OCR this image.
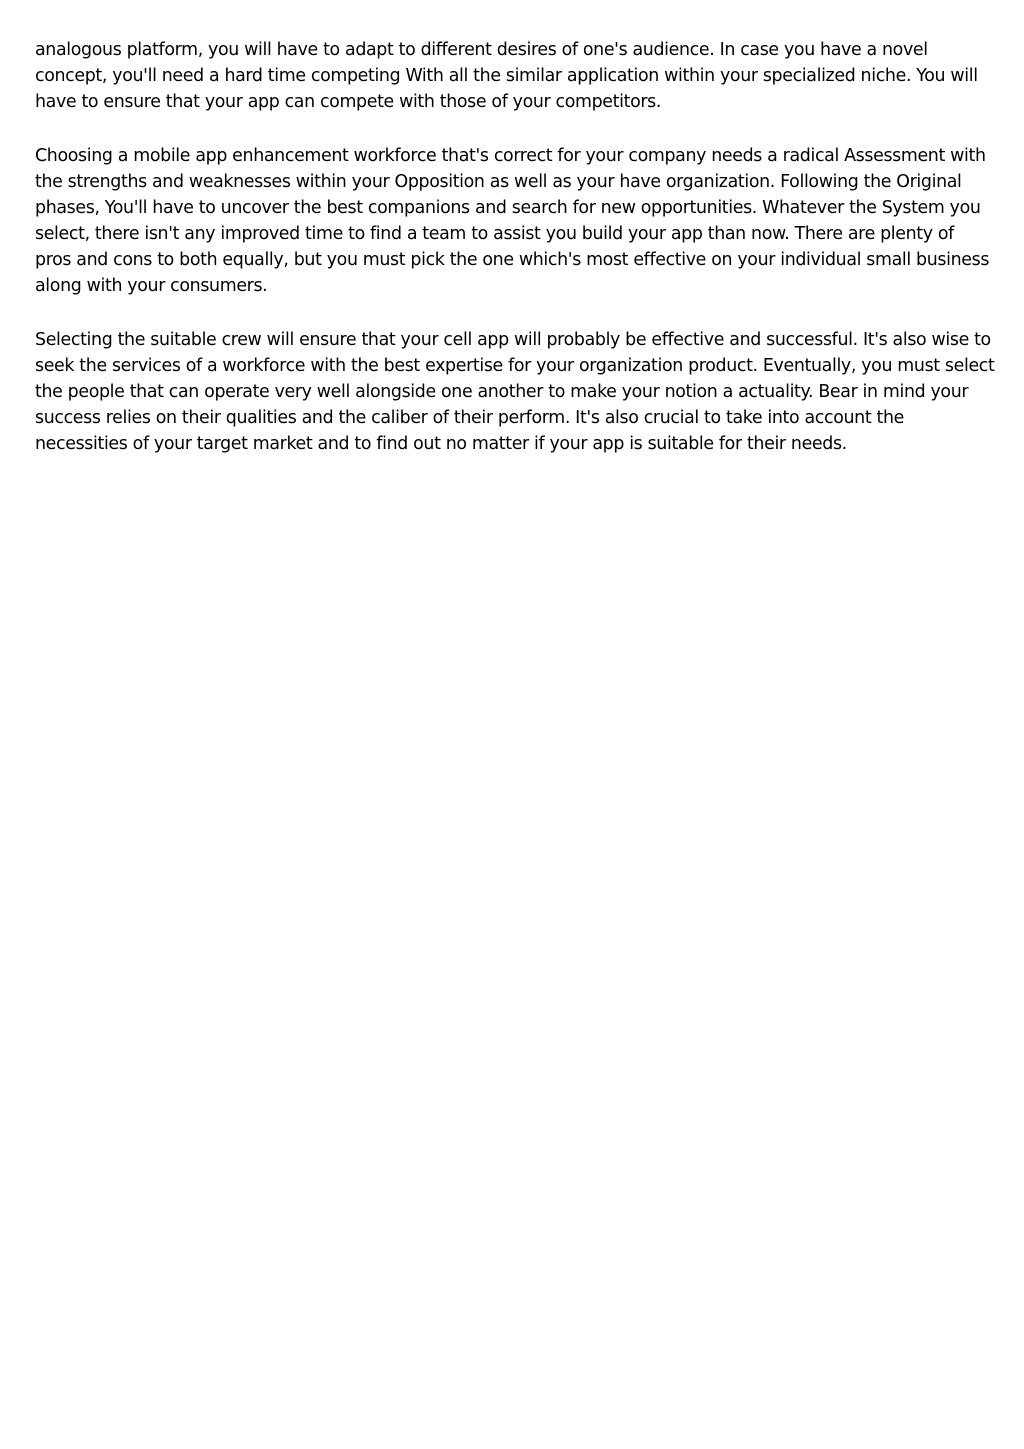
analogous platform, you will have to adapt to different desires of one's audience. In case you have a novel concept, you'll need a hard time competing With all the similar application within your specialized niche. You will have to ensure that your app can compete with those of your competitors.

Choosing a mobile app enhancement workforce that's correct for your company needs a radical Assessment with the strengths and weaknesses within your Opposition as well as your have organization. Following the Original phases, You'll have to uncover the best companions and search for new opportunities. Whatever the System you select, there isn't any improved time to find a team to assist you build your app than now. There are plenty of pros and cons to both equally, but you must pick the one which's most effective on your individual small business along with your consumers.

Selecting the suitable crew will ensure that your cell app will probably be effective and successful. It's also wise to seek the services of a workforce with the best expertise for your organization product. Eventually, you must select the people that can operate very well alongside one another to make your notion a actuality. Bear in mind your success relies on their qualities and the caliber of their perform. It's also crucial to take into account the necessities of your target market and to find out no matter if your app is suitable for their needs.
